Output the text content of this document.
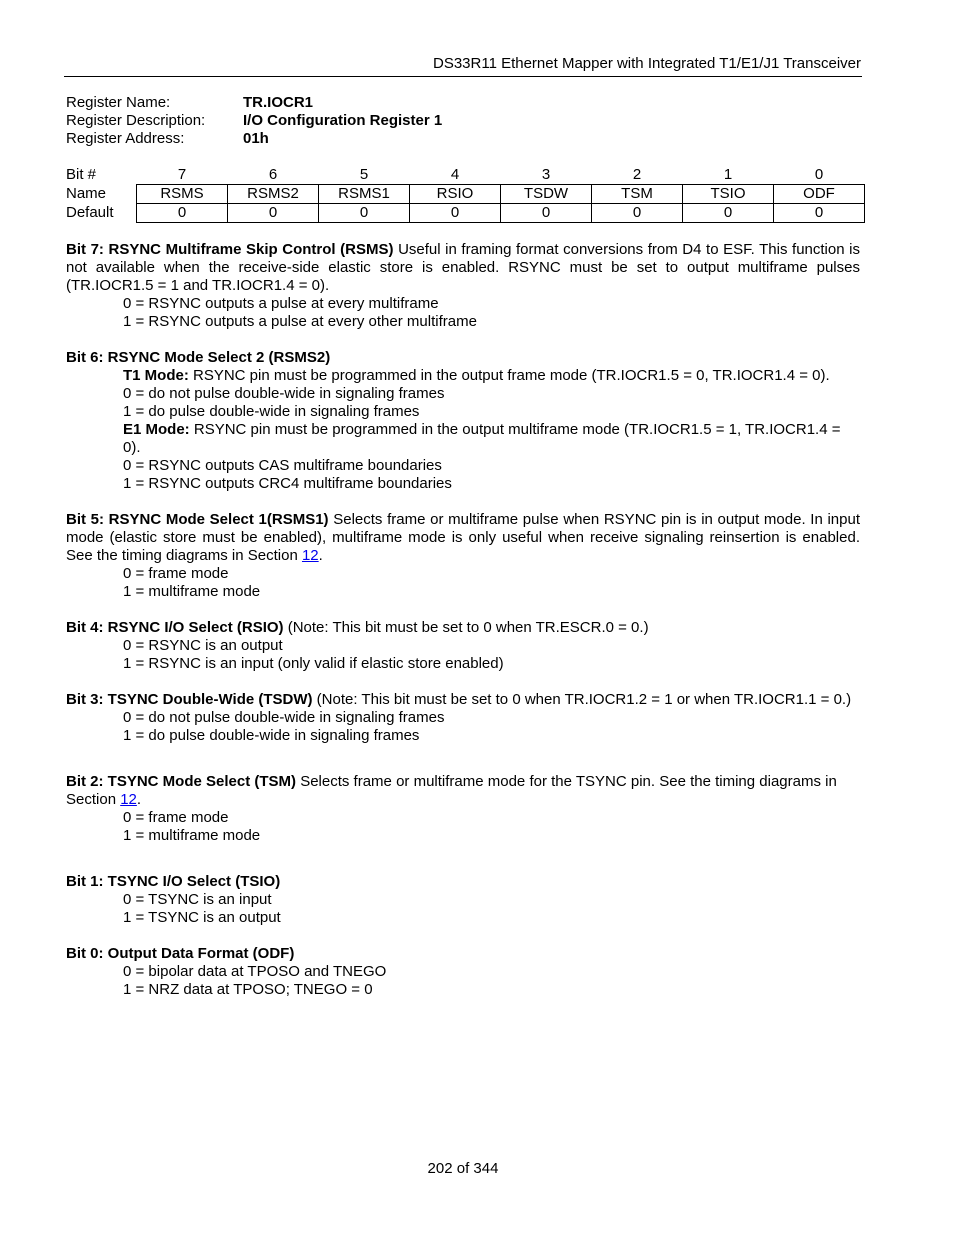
DS33R11 Ethernet Mapper with Integrated T1/E1/J1 Transceiver
Register Name:	TR.IOCR1
Register Description:	I/O Configuration Register 1
Register Address:	01h
Bit #	7	6	5	4	3	2	1	0
Name	RSMS	RSMS2	RSMS1	RSIO	TSDW	TSM	TSIO	ODF
Default	0	0	0	0	0	0	0	0

Bit 7: RSYNC Multiframe Skip Control (RSMS) Useful in framing format conversions from D4 to ESF. This function is not available when the receive-side elastic store is enabled. RSYNC must be set to output multiframe pulses (TR.IOCR1.5 = 1 and TR.IOCR1.4 = 0).

0 = RSYNC outputs a pulse at every multiframe
1 = RSYNC outputs a pulse at every other multiframe
Bit 6: RSYNC Mode Select 2 (RSMS2)
T1 Mode: RSYNC pin must be programmed in the output frame mode (TR.IOCR1.5 = 0, TR.IOCR1.4 = 0).
0 = do not pulse double-wide in signaling frames
1 = do pulse double-wide in signaling frames
E1 Mode: RSYNC pin must be programmed in the output multiframe mode (TR.IOCR1.5 = 1, TR.IOCR1.4 = 0).
0 = RSYNC outputs CAS multiframe boundaries
1 = RSYNC outputs CRC4 multiframe boundaries

Bit 5: RSYNC Mode Select 1(RSMS1) Selects frame or multiframe pulse when RSYNC pin is in output mode. In input mode (elastic store must be enabled), multiframe mode is only useful when receive signaling reinsertion is enabled. See the timing diagrams in Section 12.

0 = frame mode
1 = multiframe mode

Bit 4: RSYNC I/O Select (RSIO) (Note: This bit must be set to 0 when TR.ESCR.0 = 0.)

0 = RSYNC is an output
1 = RSYNC is an input (only valid if elastic store enabled)

Bit 3: TSYNC Double-Wide (TSDW) (Note: This bit must be set to 0 when TR.IOCR1.2 = 1 or when TR.IOCR1.1 = 0.)

0 = do not pulse double-wide in signaling frames
1 = do pulse double-wide in signaling frames

Bit 2: TSYNC Mode Select (TSM) Selects frame or multiframe mode for the TSYNC pin. See the timing diagrams in Section 12.

0 = frame mode
1 = multiframe mode
Bit 1: TSYNC I/O Select (TSIO)
0 = TSYNC is an input
1 = TSYNC is an output
Bit 0: Output Data Format (ODF)
0 = bipolar data at TPOSO and TNEGO
1 = NRZ data at TPOSO; TNEGO = 0
202 of 344
